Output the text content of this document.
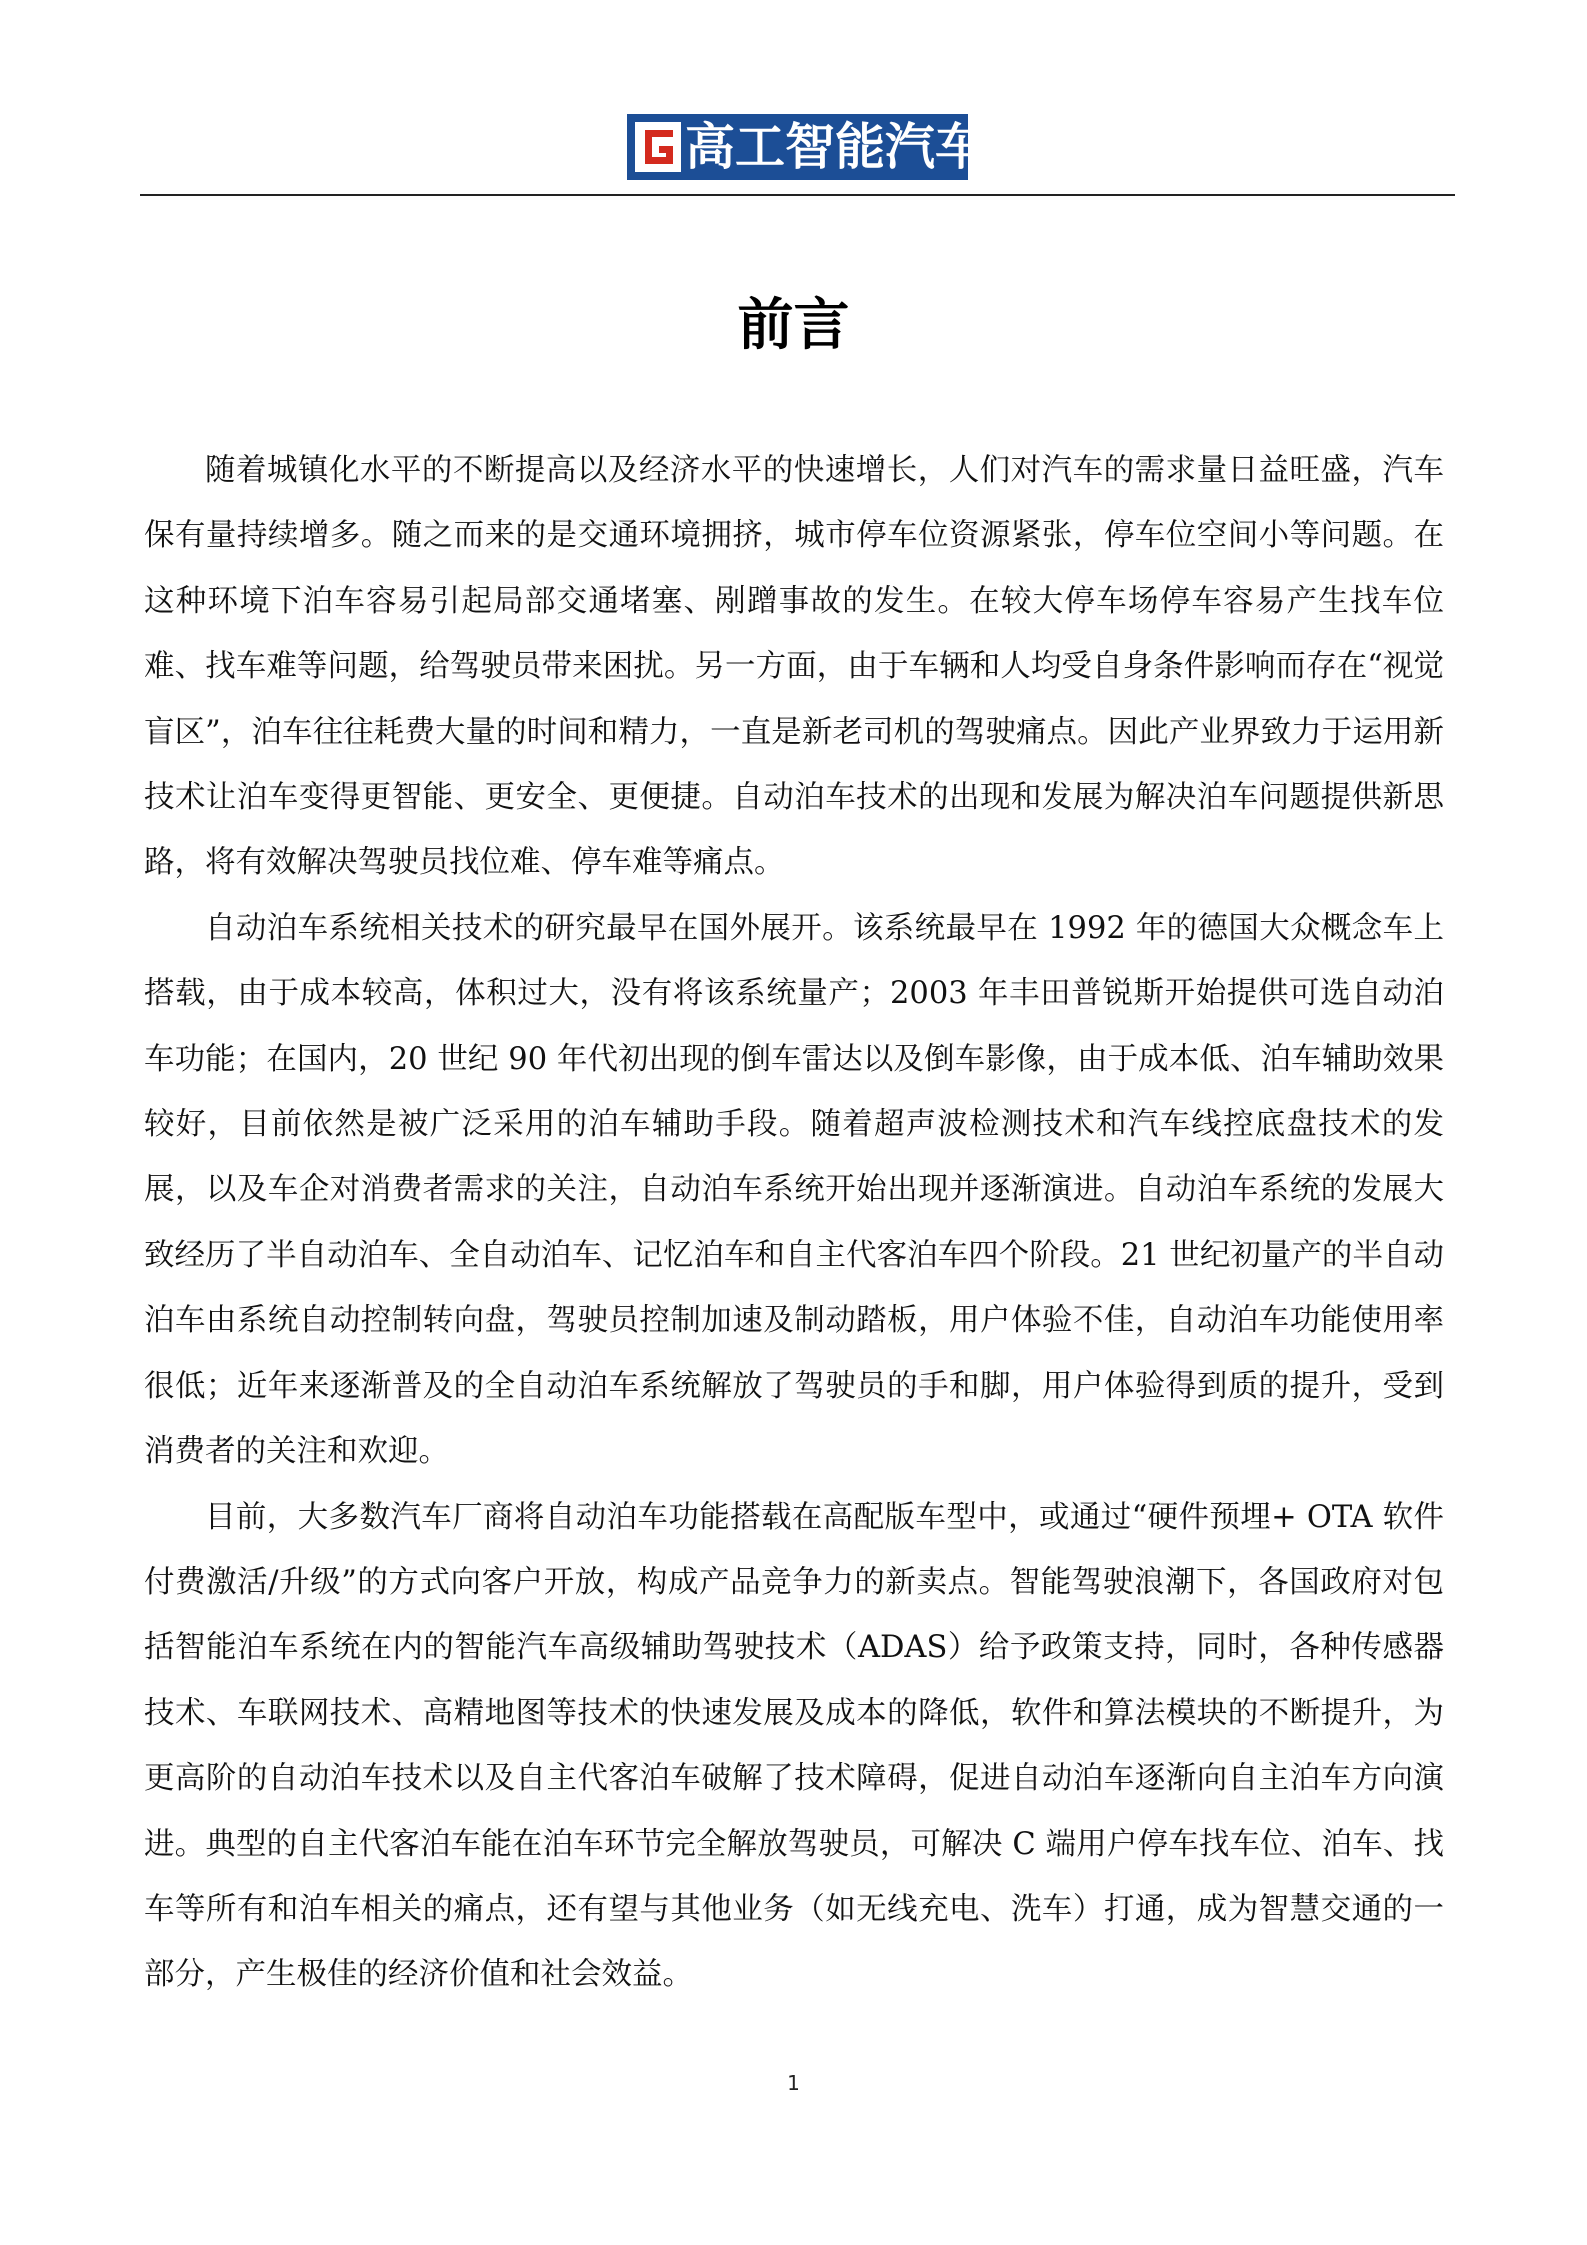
高工智能汽车
前言

随着城镇化水平的不断提高以及经济水平的快速增长，人们对汽车的需求量日益旺盛，汽车保有量持续增多。随之而来的是交通环境拥挤，城市停车位资源紧张，停车位空间小等问题。在这种环境下泊车容易引起局部交通堵塞、剐蹭事故的发生。在较大停车场停车容易产生找车位难、找车难等问题，给驾驶员带来困扰。另一方面，由于车辆和人均受自身条件影响而存在“视觉盲区”，泊车往往耗费大量的时间和精力，一直是新老司机的驾驶痛点。因此产业界致力于运用新技术让泊车变得更智能、更安全、更便捷。自动泊车技术的出现和发展为解决泊车问题提供新思路，将有效解决驾驶员找位难、停车难等痛点。

自动泊车系统相关技术的研究最早在国外展开。该系统最早在 1992 年的德国大众概念车上搭载，由于成本较高，体积过大，没有将该系统量产；2003 年丰田普锐斯开始提供可选自动泊车功能；在国内，20 世纪 90 年代初出现的倒车雷达以及倒车影像，由于成本低、泊车辅助效果较好，目前依然是被广泛采用的泊车辅助手段。随着超声波检测技术和汽车线控底盘技术的发展，以及车企对消费者需求的关注，自动泊车系统开始出现并逐渐演进。自动泊车系统的发展大致经历了半自动泊车、全自动泊车、记忆泊车和自主代客泊车四个阶段。21 世纪初量产的半自动泊车由系统自动控制转向盘，驾驶员控制加速及制动踏板，用户体验不佳，自动泊车功能使用率很低；近年来逐渐普及的全自动泊车系统解放了驾驶员的手和脚，用户体验得到质的提升，受到消费者的关注和欢迎。

目前，大多数汽车厂商将自动泊车功能搭载在高配版车型中，或通过“硬件预埋+ OTA 软件付费激活/升级”的方式向客户开放，构成产品竞争力的新卖点。智能驾驶浪潮下，各国政府对包括智能泊车系统在内的智能汽车高级辅助驾驶技术（ADAS）给予政策支持，同时，各种传感器技术、车联网技术、高精地图等技术的快速发展及成本的降低，软件和算法模块的不断提升，为更高阶的自动泊车技术以及自主代客泊车破解了技术障碍，促进自动泊车逐渐向自主泊车方向演进。典型的自主代客泊车能在泊车环节完全解放驾驶员，可解决 C 端用户停车找车位、泊车、找车等所有和泊车相关的痛点，还有望与其他业务（如无线充电、洗车）打通，成为智慧交通的一部分，产生极佳的经济价值和社会效益。

1
